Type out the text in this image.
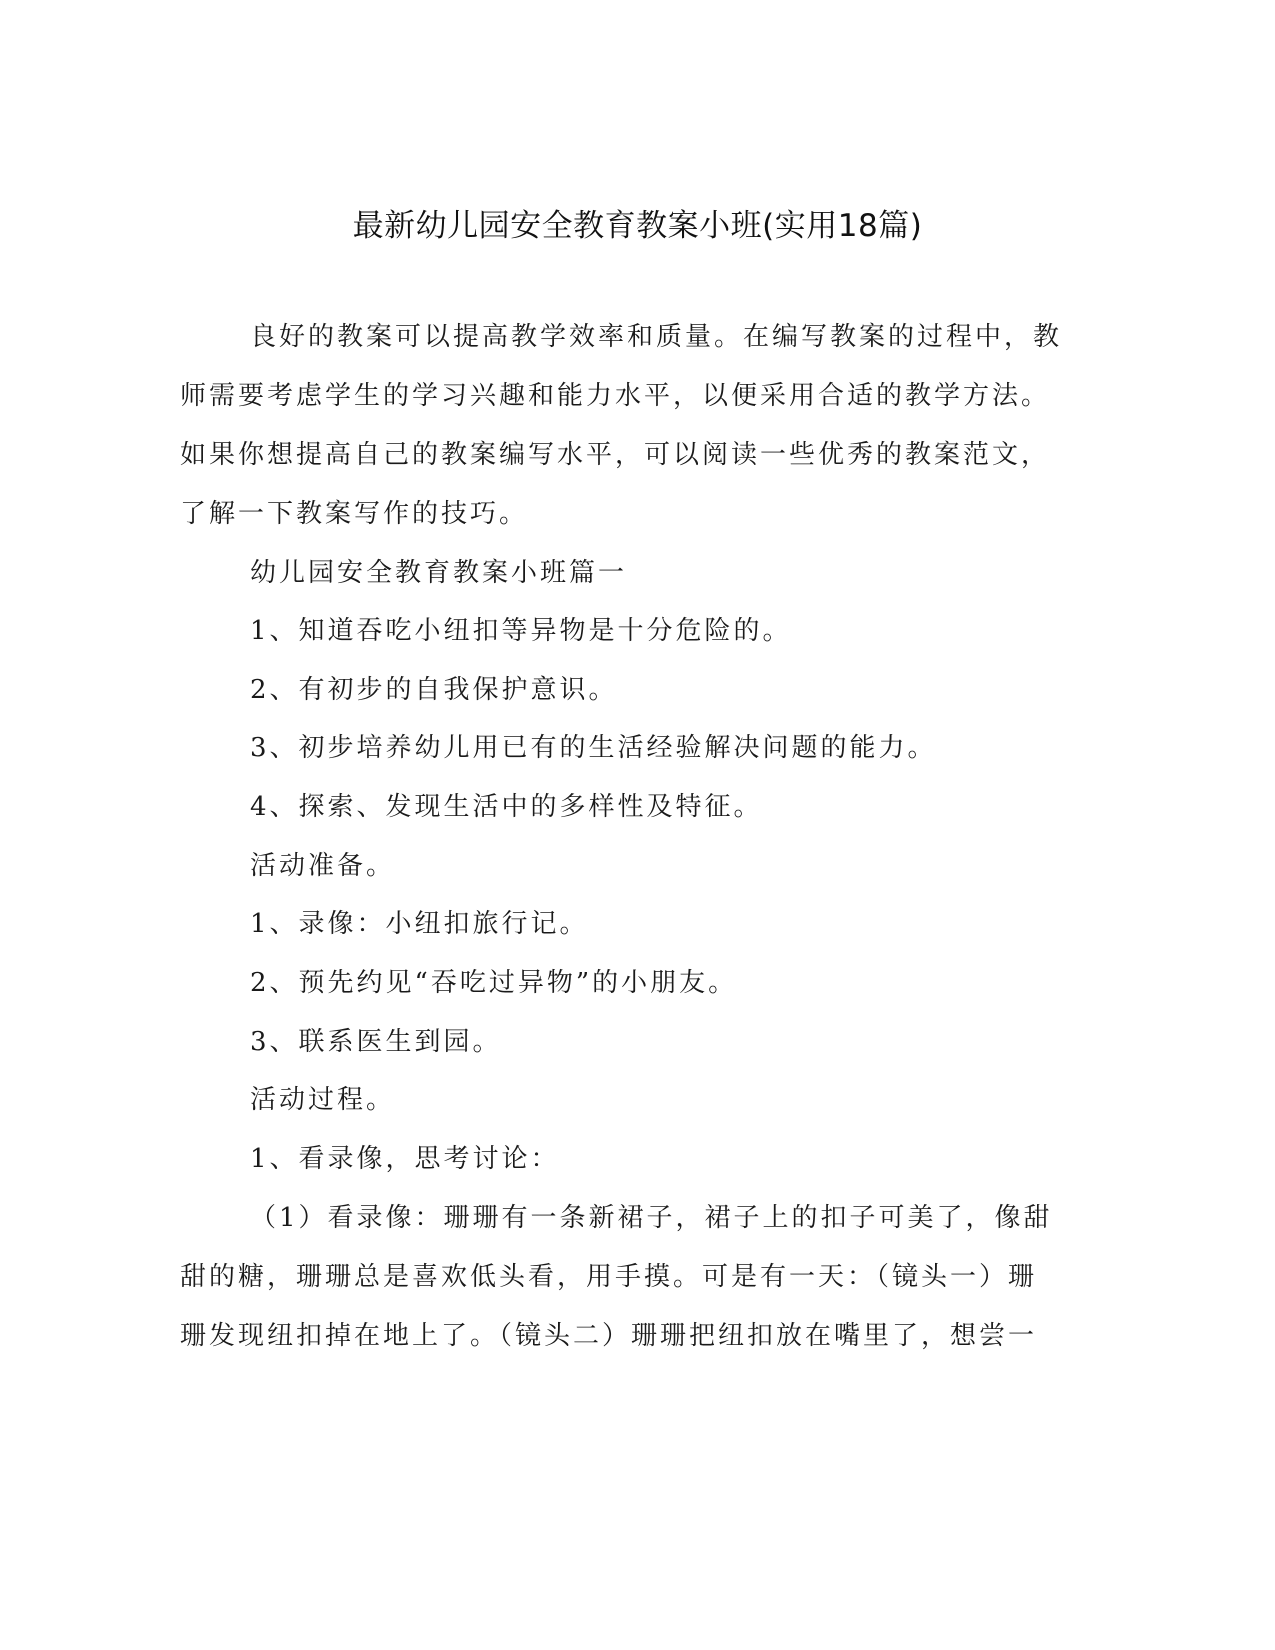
最新幼儿园安全教育教案小班(实用18篇)
良好的教案可以提高教学效率和质量。在编写教案的过程中，教
师需要考虑学生的学习兴趣和能力水平，以便采用合适的教学方法。
如果你想提高自己的教案编写水平，可以阅读一些优秀的教案范文，
了解一下教案写作的技巧。
幼儿园安全教育教案小班篇一
1、知道吞吃小纽扣等异物是十分危险的。
2、有初步的自我保护意识。
3、初步培养幼儿用已有的生活经验解决问题的能力。
4、探索、发现生活中的多样性及特征。
活动准备。
1、录像：小纽扣旅行记。
2、预先约见“吞吃过异物”的小朋友。
3、联系医生到园。
活动过程。
1、看录像，思考讨论：
（1）看录像：珊珊有一条新裙子，裙子上的扣子可美了，像甜
甜的糖，珊珊总是喜欢低头看，用手摸。可是有一天：（镜头一）珊
珊发现纽扣掉在地上了。（镜头二）珊珊把纽扣放在嘴里了，想尝一
